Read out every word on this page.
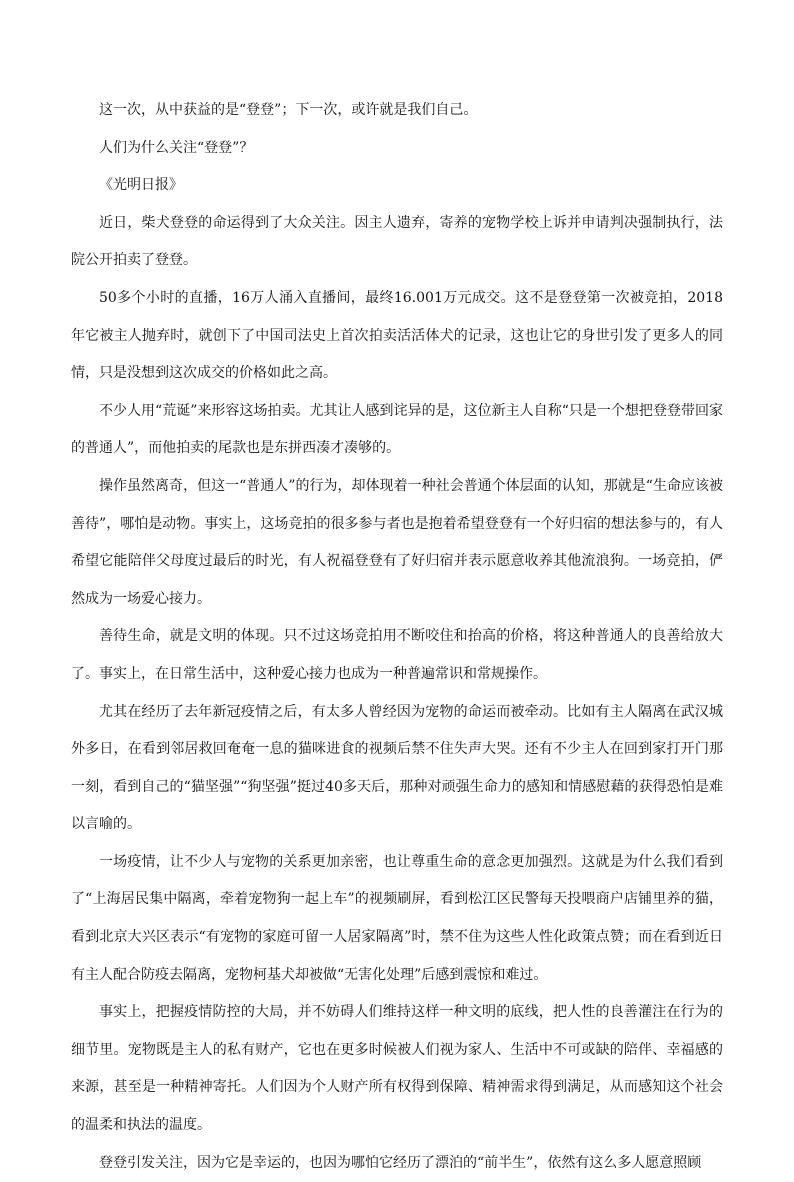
这一次，从中获益的是“登登”；下一次，或许就是我们自己。

人们为什么关注“登登”？

《光明日报》

近日，柴犬登登的命运得到了大众关注。因主人遗弃，寄养的宠物学校上诉并申请判决强制执行，法院公开拍卖了登登。

50多个小时的直播，16万人涌入直播间，最终16.001万元成交。这不是登登第一次被竞拍，2018年它被主人抛弃时，就创下了中国司法史上首次拍卖活活体犬的记录，这也让它的身世引发了更多人的同情，只是没想到这次成交的价格如此之高。

不少人用“荒诞”来形容这场拍卖。尤其让人感到诧异的是，这位新主人自称“只是一个想把登登带回家的普通人”，而他拍卖的尾款也是东拼西凑才凑够的。

操作虽然离奇，但这一“普通人”的行为，却体现着一种社会普通个体层面的认知，那就是“生命应该被善待”，哪怕是动物。事实上，这场竞拍的很多参与者也是抱着希望登登有一个好归宿的想法参与的，有人希望它能陪伴父母度过最后的时光，有人祝福登登有了好归宿并表示愿意收养其他流浪狗。一场竞拍，俨然成为一场爱心接力。

善待生命，就是文明的体现。只不过这场竞拍用不断咬住和抬高的价格，将这种普通人的良善给放大了。事实上，在日常生活中，这种爱心接力也成为一种普遍常识和常规操作。

尤其在经历了去年新冠疫情之后，有太多人曾经因为宠物的命运而被牵动。比如有主人隔离在武汉城外多日，在看到邻居救回奄奄一息的猫咪进食的视频后禁不住失声大哭。还有不少主人在回到家打开门那一刻，看到自己的“猫坚强”“狗坚强”挺过40多天后，那种对顽强生命力的感知和情感慰藉的获得恐怕是难以言喻的。

一场疫情，让不少人与宠物的关系更加亲密，也让尊重生命的意念更加强烈。这就是为什么我们看到了“上海居民集中隔离，牵着宠物狗一起上车”的视频刷屏，看到松江区民警每天投喂商户店铺里养的猫，看到北京大兴区表示“有宠物的家庭可留一人居家隔离”时，禁不住为这些人性化政策点赞；而在看到近日有主人配合防疫去隔离，宠物柯基犬却被做“无害化处理”后感到震惊和难过。

事实上，把握疫情防控的大局，并不妨碍人们维持这样一种文明的底线，把人性的良善灌注在行为的细节里。宠物既是主人的私有财产，它也在更多时候被人们视为家人、生活中不可或缺的陪伴、幸福感的来源，甚至是一种精神寄托。人们因为个人财产所有权得到保障、精神需求得到满足，从而感知这个社会的温柔和执法的温度。

登登引发关注，因为它是幸运的，也因为哪怕它经历了漂泊的“前半生”，依然有这么多人愿意照顾
